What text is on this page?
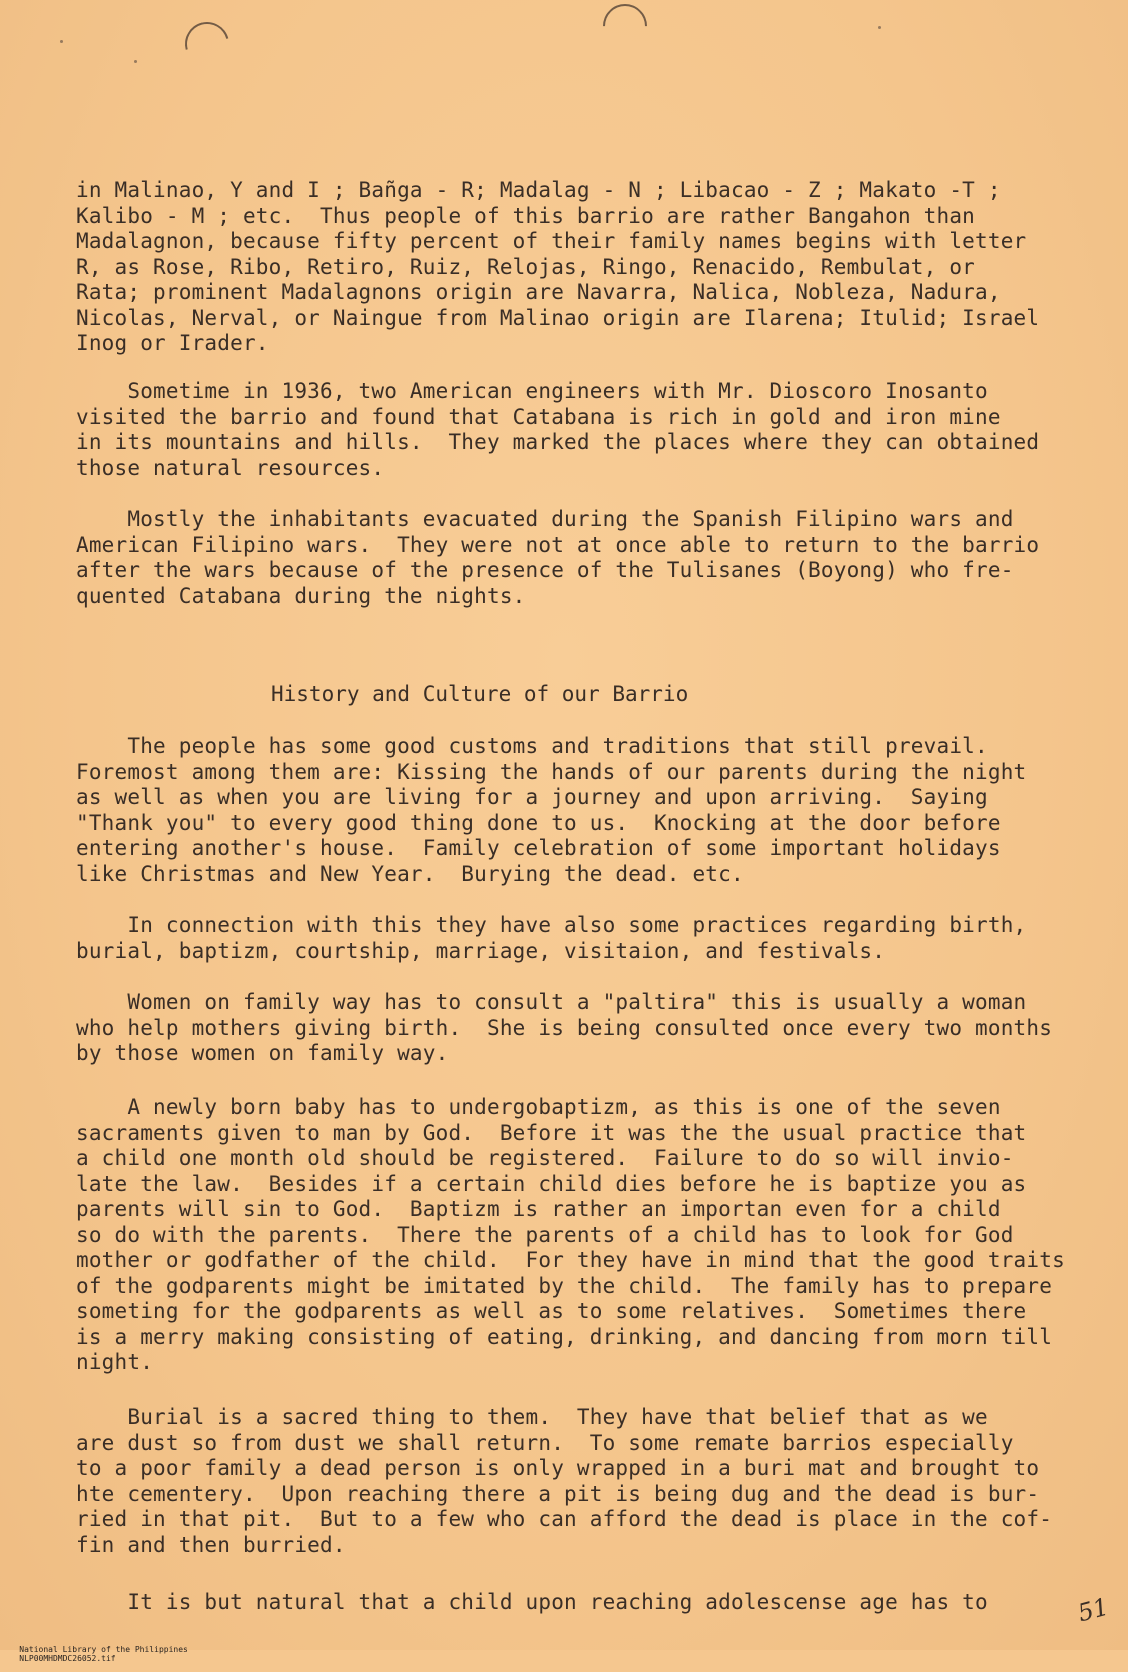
in Malinao, Y and I ; Bañga - R; Madalag - N ; Libacao - Z ; Makato -T ;
Kalibo - M ; etc.  Thus people of this barrio are rather Bangahon than
Madalagnon, because fifty percent of their family names begins with letter
R, as Rose, Ribo, Retiro, Ruiz, Relojas, Ringo, Renacido, Rembulat, or
Rata; prominent Madalagnons origin are Navarra, Nalica, Nobleza, Nadura,
Nicolas, Nerval, or Naingue from Malinao origin are Ilarena; Itulid; Israel
Inog or Irader.
Sometime in 1936, two American engineers with Mr. Dioscoro Inosanto
visited the barrio and found that Catabana is rich in gold and iron mine
in its mountains and hills.  They marked the places where they can obtained
those natural resources.
Mostly the inhabitants evacuated during the Spanish Filipino wars and
American Filipino wars.  They were not at once able to return to the barrio
after the wars because of the presence of the Tulisanes (Boyong) who fre-
quented Catabana during the nights.
History and Culture of our Barrio
The people has some good customs and traditions that still prevail.
Foremost among them are: Kissing the hands of our parents during the night
as well as when you are living for a journey and upon arriving.  Saying
"Thank you" to every good thing done to us.  Knocking at the door before
entering another's house.  Family celebration of some important holidays
like Christmas and New Year.  Burying the dead. etc.
In connection with this they have also some practices regarding birth,
burial, baptizm, courtship, marriage, visitaion, and festivals.
Women on family way has to consult a "paltira" this is usually a woman
who help mothers giving birth.  She is being consulted once every two months
by those women on family way.
A newly born baby has to undergobaptizm, as this is one of the seven
sacraments given to man by God.  Before it was the the usual practice that
a child one month old should be registered.  Failure to do so will invio-
late the law.  Besides if a certain child dies before he is baptize you as
parents will sin to God.  Baptizm is rather an importan even for a child
so do with the parents.  There the parents of a child has to look for God
mother or godfather of the child.  For they have in mind that the good traits
of the godparents might be imitated by the child.  The family has to prepare
someting for the godparents as well as to some relatives.  Sometimes there
is a merry making consisting of eating, drinking, and dancing from morn till
night.
Burial is a sacred thing to them.  They have that belief that as we
are dust so from dust we shall return.  To some remate barrios especially
to a poor family a dead person is only wrapped in a buri mat and brought to
hte cementery.  Upon reaching there a pit is being dug and the dead is bur-
ried in that pit.  But to a few who can afford the dead is place in the cof-
fin and then burried.
It is but natural that a child upon reaching adolescense age has to	51

National Library of the Philippines
NLP00MHDMDC26052.tif
